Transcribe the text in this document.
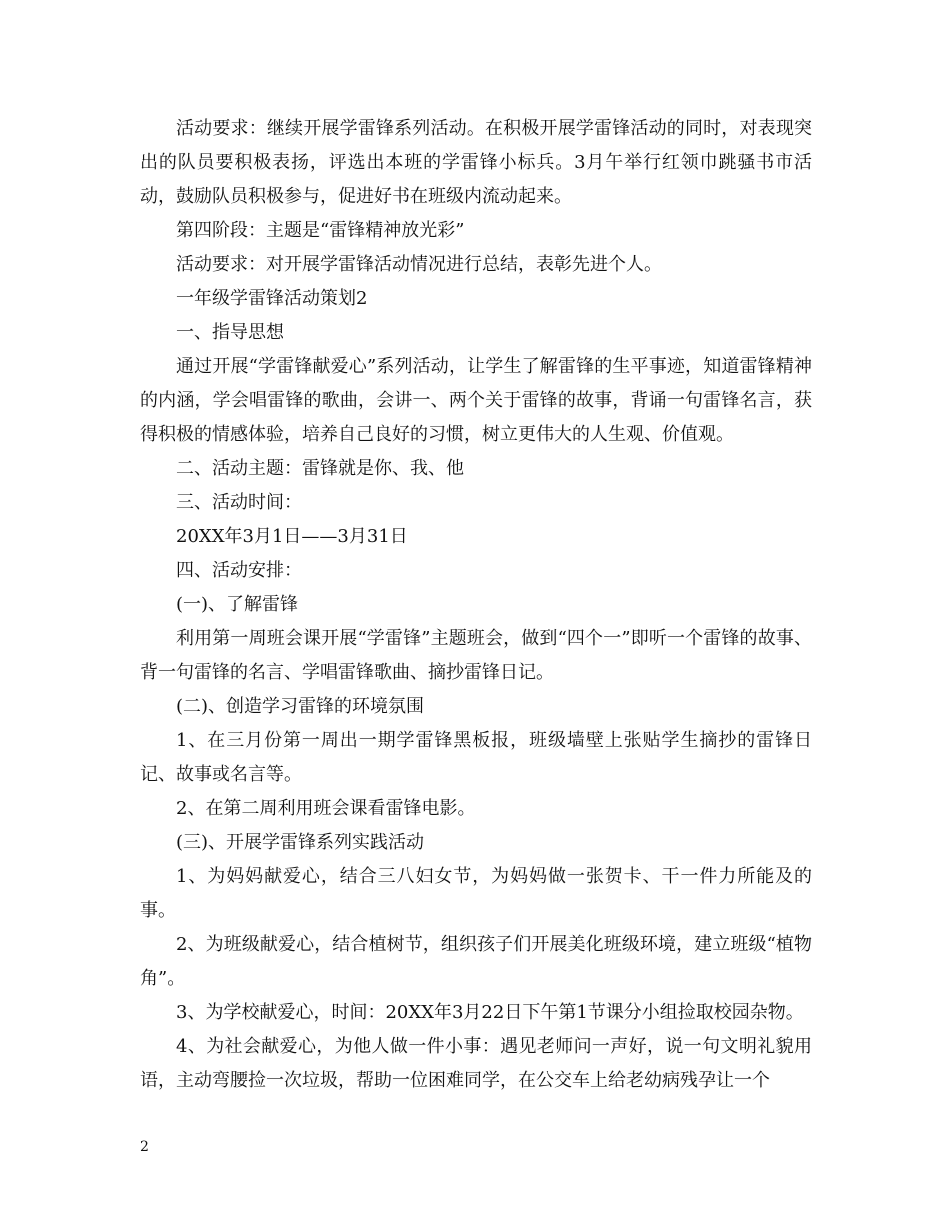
活动要求：继续开展学雷锋系列活动。在积极开展学雷锋活动的同时，对表现突出的队员要积极表扬，评选出本班的学雷锋小标兵。3月午举行红领巾跳骚书市活动，鼓励队员积极参与，促进好书在班级内流动起来。

第四阶段：主题是“雷锋精神放光彩”

活动要求：对开展学雷锋活动情况进行总结，表彰先进个人。

一年级学雷锋活动策划2

一、指导思想

通过开展“学雷锋献爱心”系列活动，让学生了解雷锋的生平事迹，知道雷锋精神的内涵，学会唱雷锋的歌曲，会讲一、两个关于雷锋的故事，背诵一句雷锋名言，获得积极的情感体验，培养自己良好的习惯，树立更伟大的人生观、价值观。

二、活动主题：雷锋就是你、我、他

三、活动时间：

20XX年3月1日——3月31日

四、活动安排：

(一)、了解雷锋

利用第一周班会课开展“学雷锋”主题班会，做到“四个一”即听一个雷锋的故事、背一句雷锋的名言、学唱雷锋歌曲、摘抄雷锋日记。

(二)、创造学习雷锋的环境氛围

1、在三月份第一周出一期学雷锋黑板报，班级墙壁上张贴学生摘抄的雷锋日记、故事或名言等。

2、在第二周利用班会课看雷锋电影。

(三)、开展学雷锋系列实践活动

1、为妈妈献爱心，结合三八妇女节，为妈妈做一张贺卡、干一件力所能及的事。

2、为班级献爱心，结合植树节，组织孩子们开展美化班级环境，建立班级“植物角”。

3、为学校献爱心，时间：20XX年3月22日下午第1节课分小组捡取校园杂物。

4、为社会献爱心，为他人做一件小事：遇见老师问一声好，说一句文明礼貌用语，主动弯腰捡一次垃圾，帮助一位困难同学，在公交车上给老幼病残孕让一个

2
